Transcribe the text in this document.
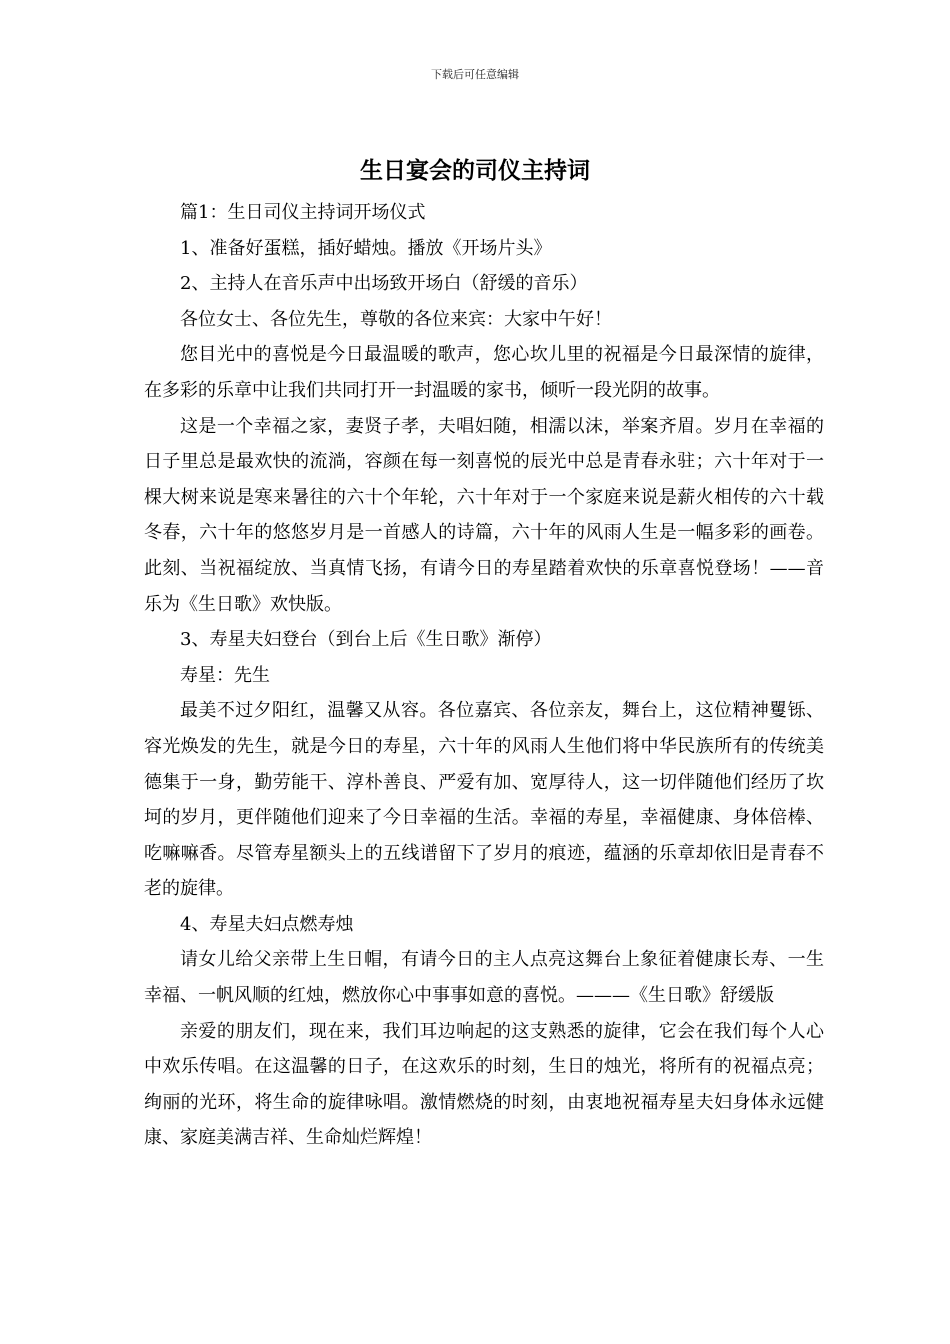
下载后可任意编辑
生日宴会的司仪主持词

篇1：生日司仪主持词开场仪式

1、准备好蛋糕，插好蜡烛。播放《开场片头》

2、主持人在音乐声中出场致开场白（舒缓的音乐）

各位女士、各位先生，尊敬的各位来宾：大家中午好！

您目光中的喜悦是今日最温暖的歌声，您心坎儿里的祝福是今日最深情的旋律，在多彩的乐章中让我们共同打开一封温暖的家书，倾听一段光阴的故事。

这是一个幸福之家，妻贤子孝，夫唱妇随，相濡以沫，举案齐眉。岁月在幸福的日子里总是最欢快的流淌，容颜在每一刻喜悦的辰光中总是青春永驻；六十年对于一棵大树来说是寒来暑往的六十个年轮，六十年对于一个家庭来说是薪火相传的六十载冬春，六十年的悠悠岁月是一首感人的诗篇，六十年的风雨人生是一幅多彩的画卷。此刻、当祝福绽放、当真情飞扬，有请今日的寿星踏着欢快的乐章喜悦登场！——音乐为《生日歌》欢快版。

3、寿星夫妇登台（到台上后《生日歌》渐停）

寿星：先生

最美不过夕阳红，温馨又从容。各位嘉宾、各位亲友，舞台上，这位精神矍铄、容光焕发的先生，就是今日的寿星，六十年的风雨人生他们将中华民族所有的传统美德集于一身，勤劳能干、淳朴善良、严爱有加、宽厚待人，这一切伴随他们经历了坎坷的岁月，更伴随他们迎来了今日幸福的生活。幸福的寿星，幸福健康、身体倍棒、吃嘛嘛香。尽管寿星额头上的五线谱留下了岁月的痕迹，蕴涵的乐章却依旧是青春不老的旋律。

4、寿星夫妇点燃寿烛

请女儿给父亲带上生日帽，有请今日的主人点亮这舞台上象征着健康长寿、一生幸福、一帆风顺的红烛，燃放你心中事事如意的喜悦。———《生日歌》舒缓版

亲爱的朋友们，现在来，我们耳边响起的这支熟悉的旋律，它会在我们每个人心中欢乐传唱。在这温馨的日子，在这欢乐的时刻，生日的烛光，将所有的祝福点亮；绚丽的光环，将生命的旋律咏唱。激情燃烧的时刻，由衷地祝福寿星夫妇身体永远健康、家庭美满吉祥、生命灿烂辉煌！
